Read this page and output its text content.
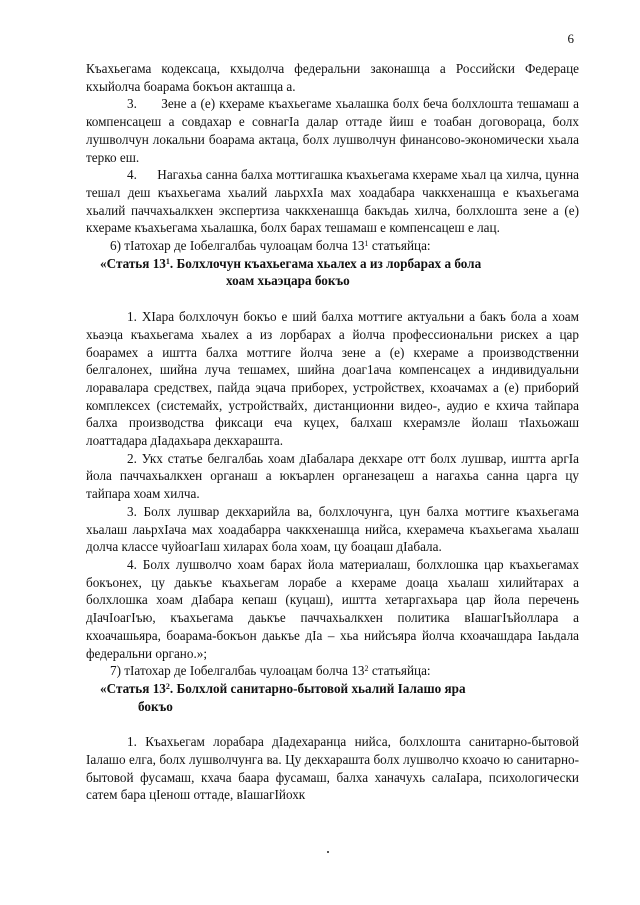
6

Къахьегама кодексаца, кхыдолча федеральни законашца а Российски Федераце кхыйолча боарама бокъон акташца а.

3.      Зене а (е) кхераме къахьегаме хьалашка болх беча болхлошта тешамаш а компенсацеш а совдахар е совнагIа далар оттаде йиш е тоабан договораца, болх лушволчун локальни боарама актаца, болх лушволчун финансово-экономически хьала терко еш.

4.      Нагахьа санна балха моттигашка къахьегама кхераме хьал ца хилча, цунна тешал деш къахьегама хьалий лаьрххIа мах хоадабара чаккхенашца е къахьегама хьалий паччахьалкхен экспертиза чаккхенашца бакъдаь хилча, болхлошта зене а (е) кхераме къахьегама хьалашка, болх барах тешамаш е компенсацеш е лац.

6) тIатохар де Iобелгалбаь чулоацам болча $13^1$ статьяйца:

«Статья $13^1$. Болхлочун къахьегама хьалех а из лорбарах а бола

хоам хьаэцара бокъо

1. ХIара болхлочун бокъо е ший балха моттиге актуальни а бакъ бола а хоам хьаэца къахьегама хьалех а из лорбарах а йолча профессиональни рискех а цар боарамех а иштта балха моттиге йолча зене а (е) кхераме а производственни белгалонех, шийна луча тешамех, шийна доаг1ача компенсацех а индивидуальни лоравалара средствех, пайда эцача приборех, устройствех, кхоачамах а (е) приборий комплексех (системайх, устройствайх, дистанционни видео-, аудио е кхича тайпара балха производства фиксаци еча куцех, балхаш кхерамзле йолаш тIахьожаш лоаттадара дIадахьара декхараштa.

2. Укх статье белгалбаь хоам дIабалара декхаре отт болх лушвар, иштта аргIа йола паччахьалкхен органаш а юкъарлен органезацеш а нагахьа санна царга цу тайпара хоам хилча.

3. Болх лушвар декхарийла ва, болхлочунга, цун балха моттиге къахьегама хьалаш лаьрхIача мах хоадабарра чаккхенашца нийса, кхерамеча къахьегама хьалаш долча классе чуйоагIаш хиларах бола хоам, цу боацаш дIабала.

4. Болх лушволчо хоам барах йола материалаш, болхлошка цар къахьегамах бокъонех, цу даькъе къахьегам лорабе а кхераме доаца хьалаш хилийтарах а болхлошка хоам дIабара кепаш (куцаш), иштта хетаргахьара цар йола перечень дIачIоагIъю, къахьегама даькъе паччахьалкхен политика вIашагIъйоллара а кхоачашьяра, боарама-бокъон даькъе дIа – хьа нийсъяра йолча кхоачашдара Iаьдала федеральни органо.»;

7) тIатохар де Iобелгалбаь чулоацам болча $13^2$ статьяйца:

«Статья $13^2$. Болхлой санитарно-бытовой хьалий Iалашо яра

бокъо

1. Къахьегам лорабара дIадехаранца нийса, болхлошта санитарно-бытовой Iалашо елга, болх лушволчунга ва. Цу декхараштa болх лушволчо кхоачо ю санитарно-бытовой фусамаш, кхача баара фусамаш, балха ханачухь салаIара, психологически сатем бара цIенош оттаде, вIашагIйохк
